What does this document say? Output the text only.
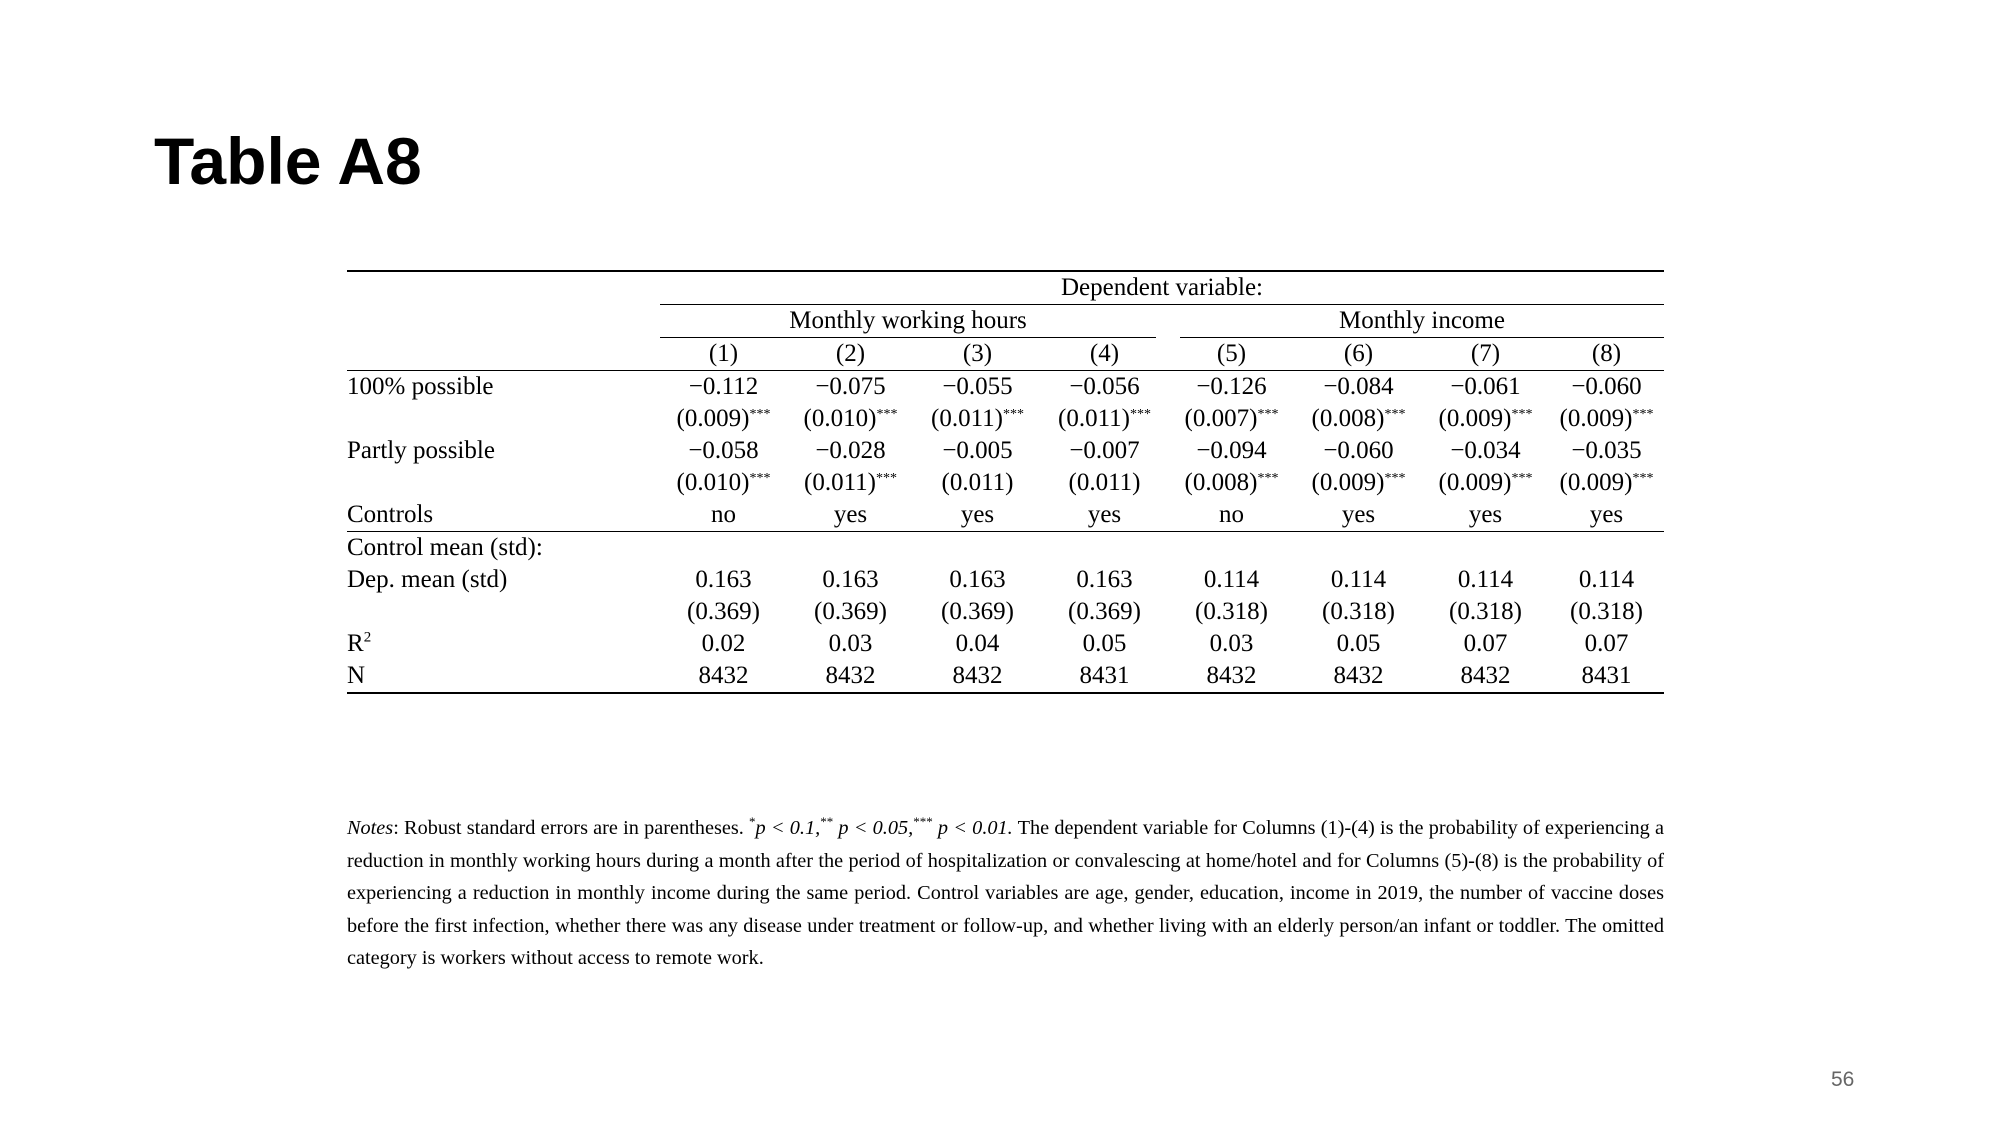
Table A8
	Dependent variable:							

	Monthly working hours				Monthly income			

	(1)	(2)	(3)	(4)	(5)	(6)	(7)	(8)
100% possible	−0.112	−0.075	−0.055	−0.056	−0.126	−0.084	−0.061	−0.060
	(0.009)***	(0.010)***	(0.011)***	(0.011)***	(0.007)***	(0.008)***	(0.009)***	(0.009)***
Partly possible	−0.058	−0.028	−0.005	−0.007	−0.094	−0.060	−0.034	−0.035
	(0.010)***	(0.011)***	(0.011)	(0.011)	(0.008)***	(0.009)***	(0.009)***	(0.009)***
Controls	no	yes	yes	yes	no	yes	yes	yes
Control mean (std):								
Dep. mean (std)	0.163	0.163	0.163	0.163	0.114	0.114	0.114	0.114
	(0.369)	(0.369)	(0.369)	(0.369)	(0.318)	(0.318)	(0.318)	(0.318)
$R^2$	0.02	0.03	0.04	0.05	0.03	0.05	0.07	0.07
N	8432	8432	8432	8431	8432	8432	8432	8431
Notes: Robust standard errors are in parentheses. *p < 0.1,** p < 0.05,*** p < 0.01. The dependent variable for Columns (1)-(4) is the probability of experiencing a reduction in monthly working hours during a month after the period of hospitalization or convalescing at home/hotel and for Columns (5)-(8) is the probability of experiencing a reduction in monthly income during the same period. Control variables are age, gender, education, income in 2019, the number of vaccine doses before the first infection, whether there was any disease under treatment or follow-up, and whether living with an elderly person/an infant or toddler. The omitted category is workers without access to remote work.
56
